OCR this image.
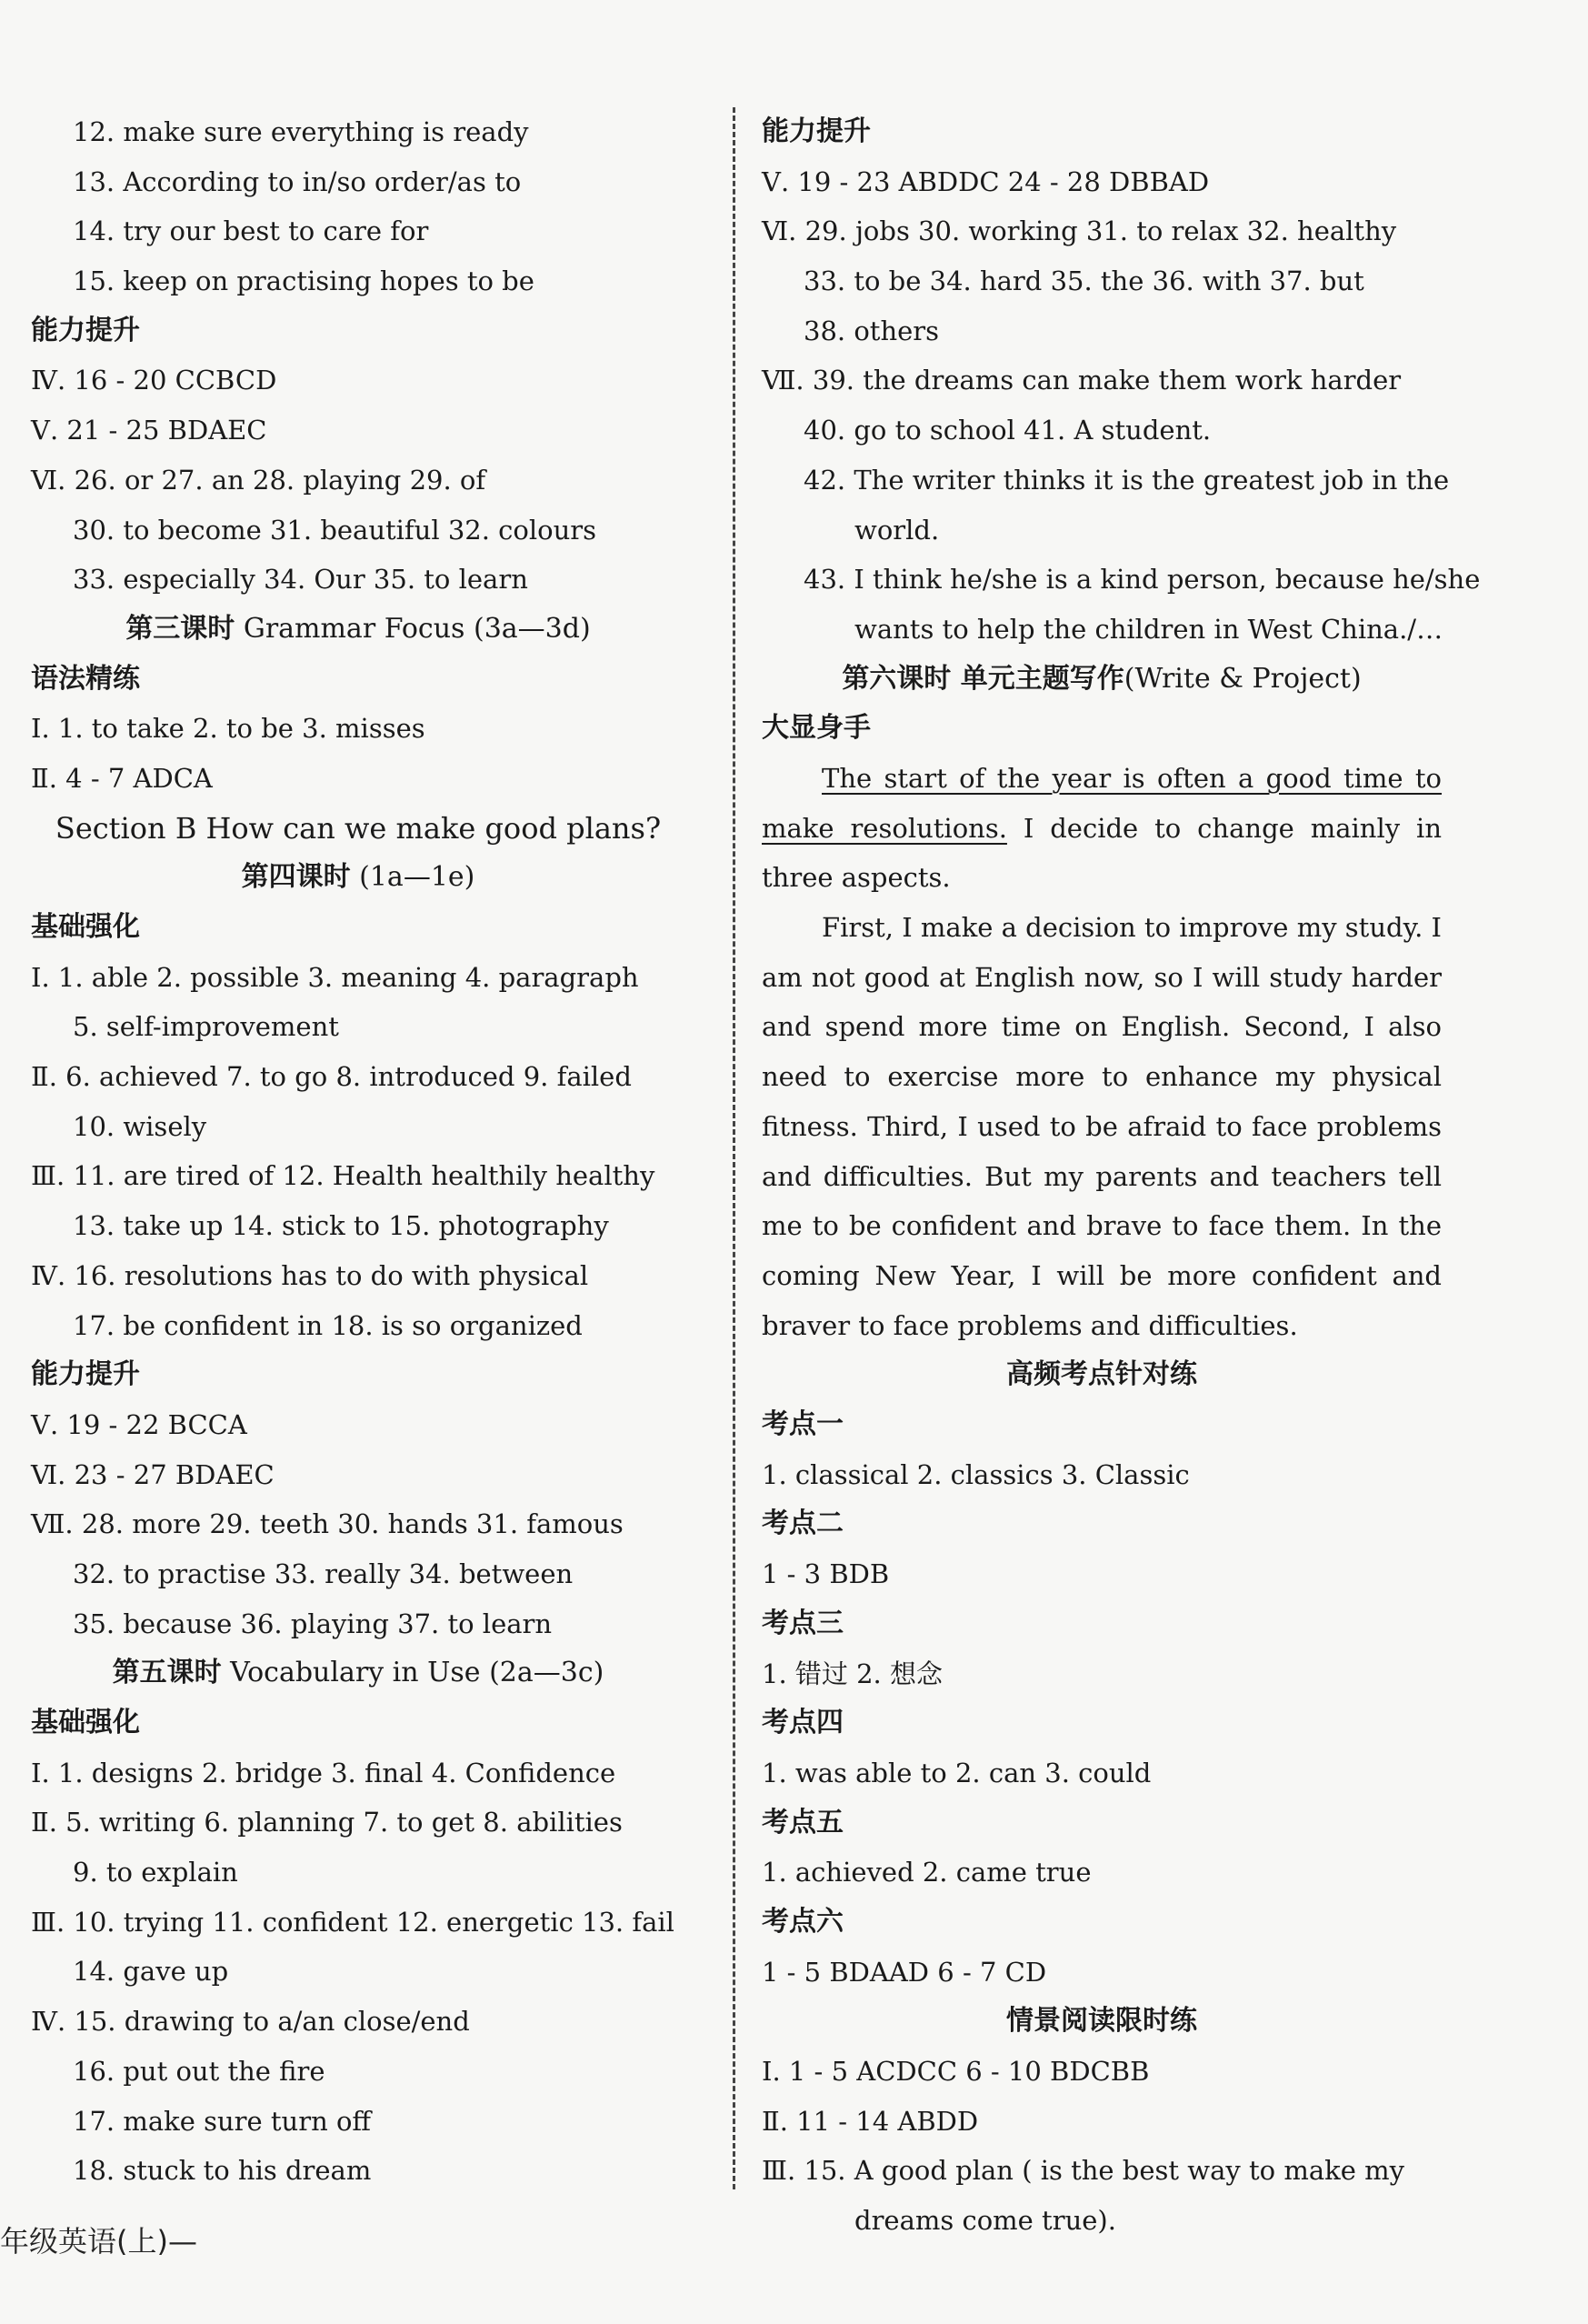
12. make sure everything is ready
13. According to in/so order/as to
14. try our best to care for
15. keep on practising hopes to be
能力提升
Ⅳ. 16 - 20 CCBCD
Ⅴ. 21 - 25 BDAEC
Ⅵ. 26. or 27. an 28. playing 29. of
30. to become 31. beautiful 32. colours
33. especially 34. Our 35. to learn
第三课时 Grammar Focus (3a—3d)
语法精练
Ⅰ. 1. to take 2. to be 3. misses
Ⅱ. 4 - 7 ADCA
Section B How can we make good plans?
第四课时 (1a—1e)
基础强化
Ⅰ. 1. able 2. possible 3. meaning 4. paragraph
5. self-improvement
Ⅱ. 6. achieved 7. to go 8. introduced 9. failed
10. wisely
Ⅲ. 11. are tired of 12. Health healthily healthy
13. take up 14. stick to 15. photography
Ⅳ. 16. resolutions has to do with physical
17. be confident in 18. is so organized
能力提升
Ⅴ. 19 - 22 BCCA
Ⅵ. 23 - 27 BDAEC
Ⅶ. 28. more 29. teeth 30. hands 31. famous
32. to practise 33. really 34. between
35. because 36. playing 37. to learn
第五课时 Vocabulary in Use (2a—3c)
基础强化
Ⅰ. 1. designs 2. bridge 3. final 4. Confidence
Ⅱ. 5. writing 6. planning 7. to get 8. abilities
9. to explain
Ⅲ. 10. trying 11. confident 12. energetic 13. fail
14. gave up
Ⅳ. 15. drawing to a/an close/end
16. put out the fire
17. make sure turn off
18. stuck to his dream
能力提升
Ⅴ. 19 - 23 ABDDC 24 - 28 DBBAD
Ⅵ. 29. jobs 30. working 31. to relax 32. healthy
33. to be 34. hard 35. the 36. with 37. but
38. others
Ⅶ. 39. the dreams can make them work harder
40. go to school 41. A student.
42. The writer thinks it is the greatest job in the
world.
43. I think he/she is a kind person, because he/she
wants to help the children in West China./…
第六课时 单元主题写作(Write & Project)
大显身手

The start of the year is often a good time to make resolutions. I decide to change mainly in three aspects.

First, I make a decision to improve my study. I am not good at English now, so I will study harder and spend more time on English. Second, I also need to exercise more to enhance my physical fitness. Third, I used to be afraid to face problems and difficulties. But my parents and teachers tell me to be confident and brave to face them. In the coming New Year, I will be more confident and braver to face problems and difficulties.

高频考点针对练
考点一
1. classical 2. classics 3. Classic
考点二
1 - 3 BDB
考点三
1. 错过 2. 想念
考点四
1. was able to 2. can 3. could
考点五
1. achieved 2. came true
考点六
1 - 5 BDAAD 6 - 7 CD
情景阅读限时练
Ⅰ. 1 - 5 ACDCC 6 - 10 BDCBB
Ⅱ. 11 - 14 ABDD
Ⅲ. 15. A good plan ( is the best way to make my
dreams come true).
年级英语(上)—
